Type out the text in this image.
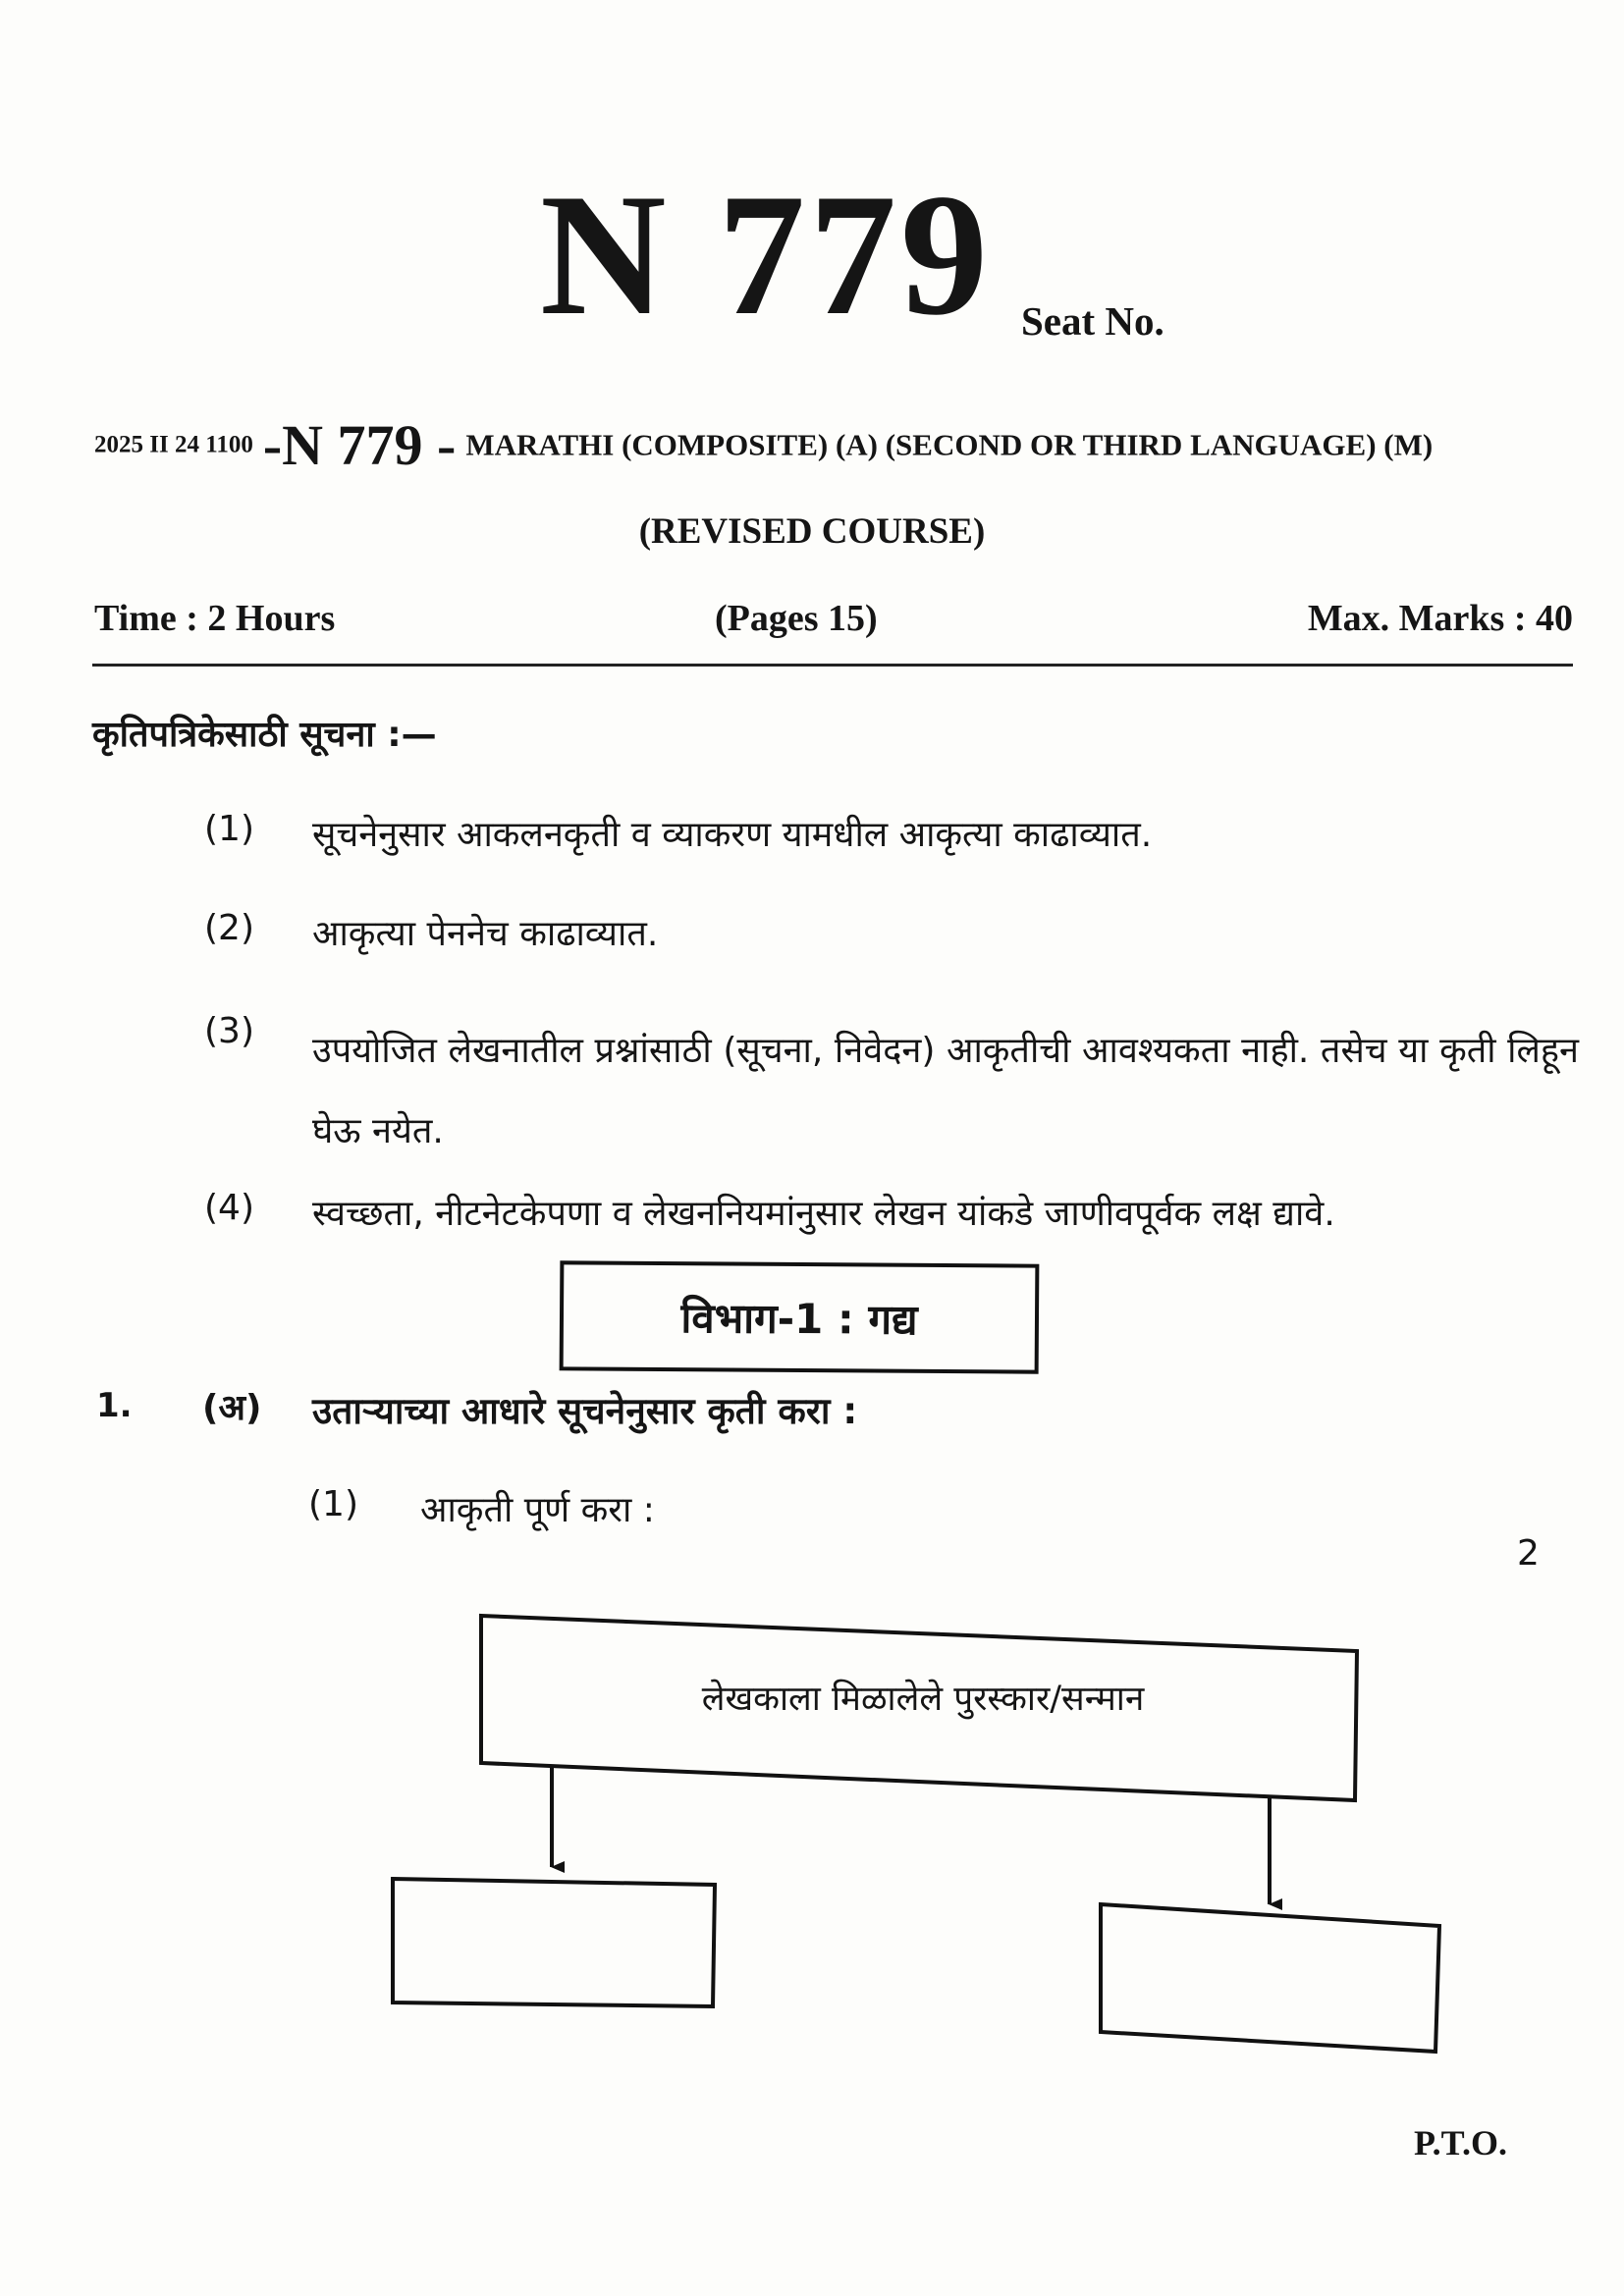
N 779 Seat No.
2025 II 24 1100 -N 779 - MARATHI (COMPOSITE) (A) (SECOND OR THIRD LANGUAGE) (M)
(REVISED COURSE)
Time : 2 Hours	(Pages 15)	Max. Marks : 40
कृतिपत्रिकेसाठी सूचना :—
(1) सूचनेनुसार आकलनकृती व व्याकरण यामधील आकृत्या काढाव्यात.
(2) आकृत्या पेननेच काढाव्यात.
(3) उपयोजित लेखनातील प्रश्नांसाठी (सूचना, निवेदन) आकृतीची आवश्यकता नाही. तसेच या कृती लिहून घेऊ नयेत.
(4) स्वच्छता, नीटनेटकेपणा व लेखननियमांनुसार लेखन यांकडे जाणीवपूर्वक लक्ष द्यावे.
विभाग-1 : गद्य
1. (अ) उताऱ्याच्या आधारे सूचनेनुसार कृती करा :
(1) आकृती पूर्ण करा :
2
लेखकाला मिळालेले पुरस्कार/सन्मान
P.T.O.
